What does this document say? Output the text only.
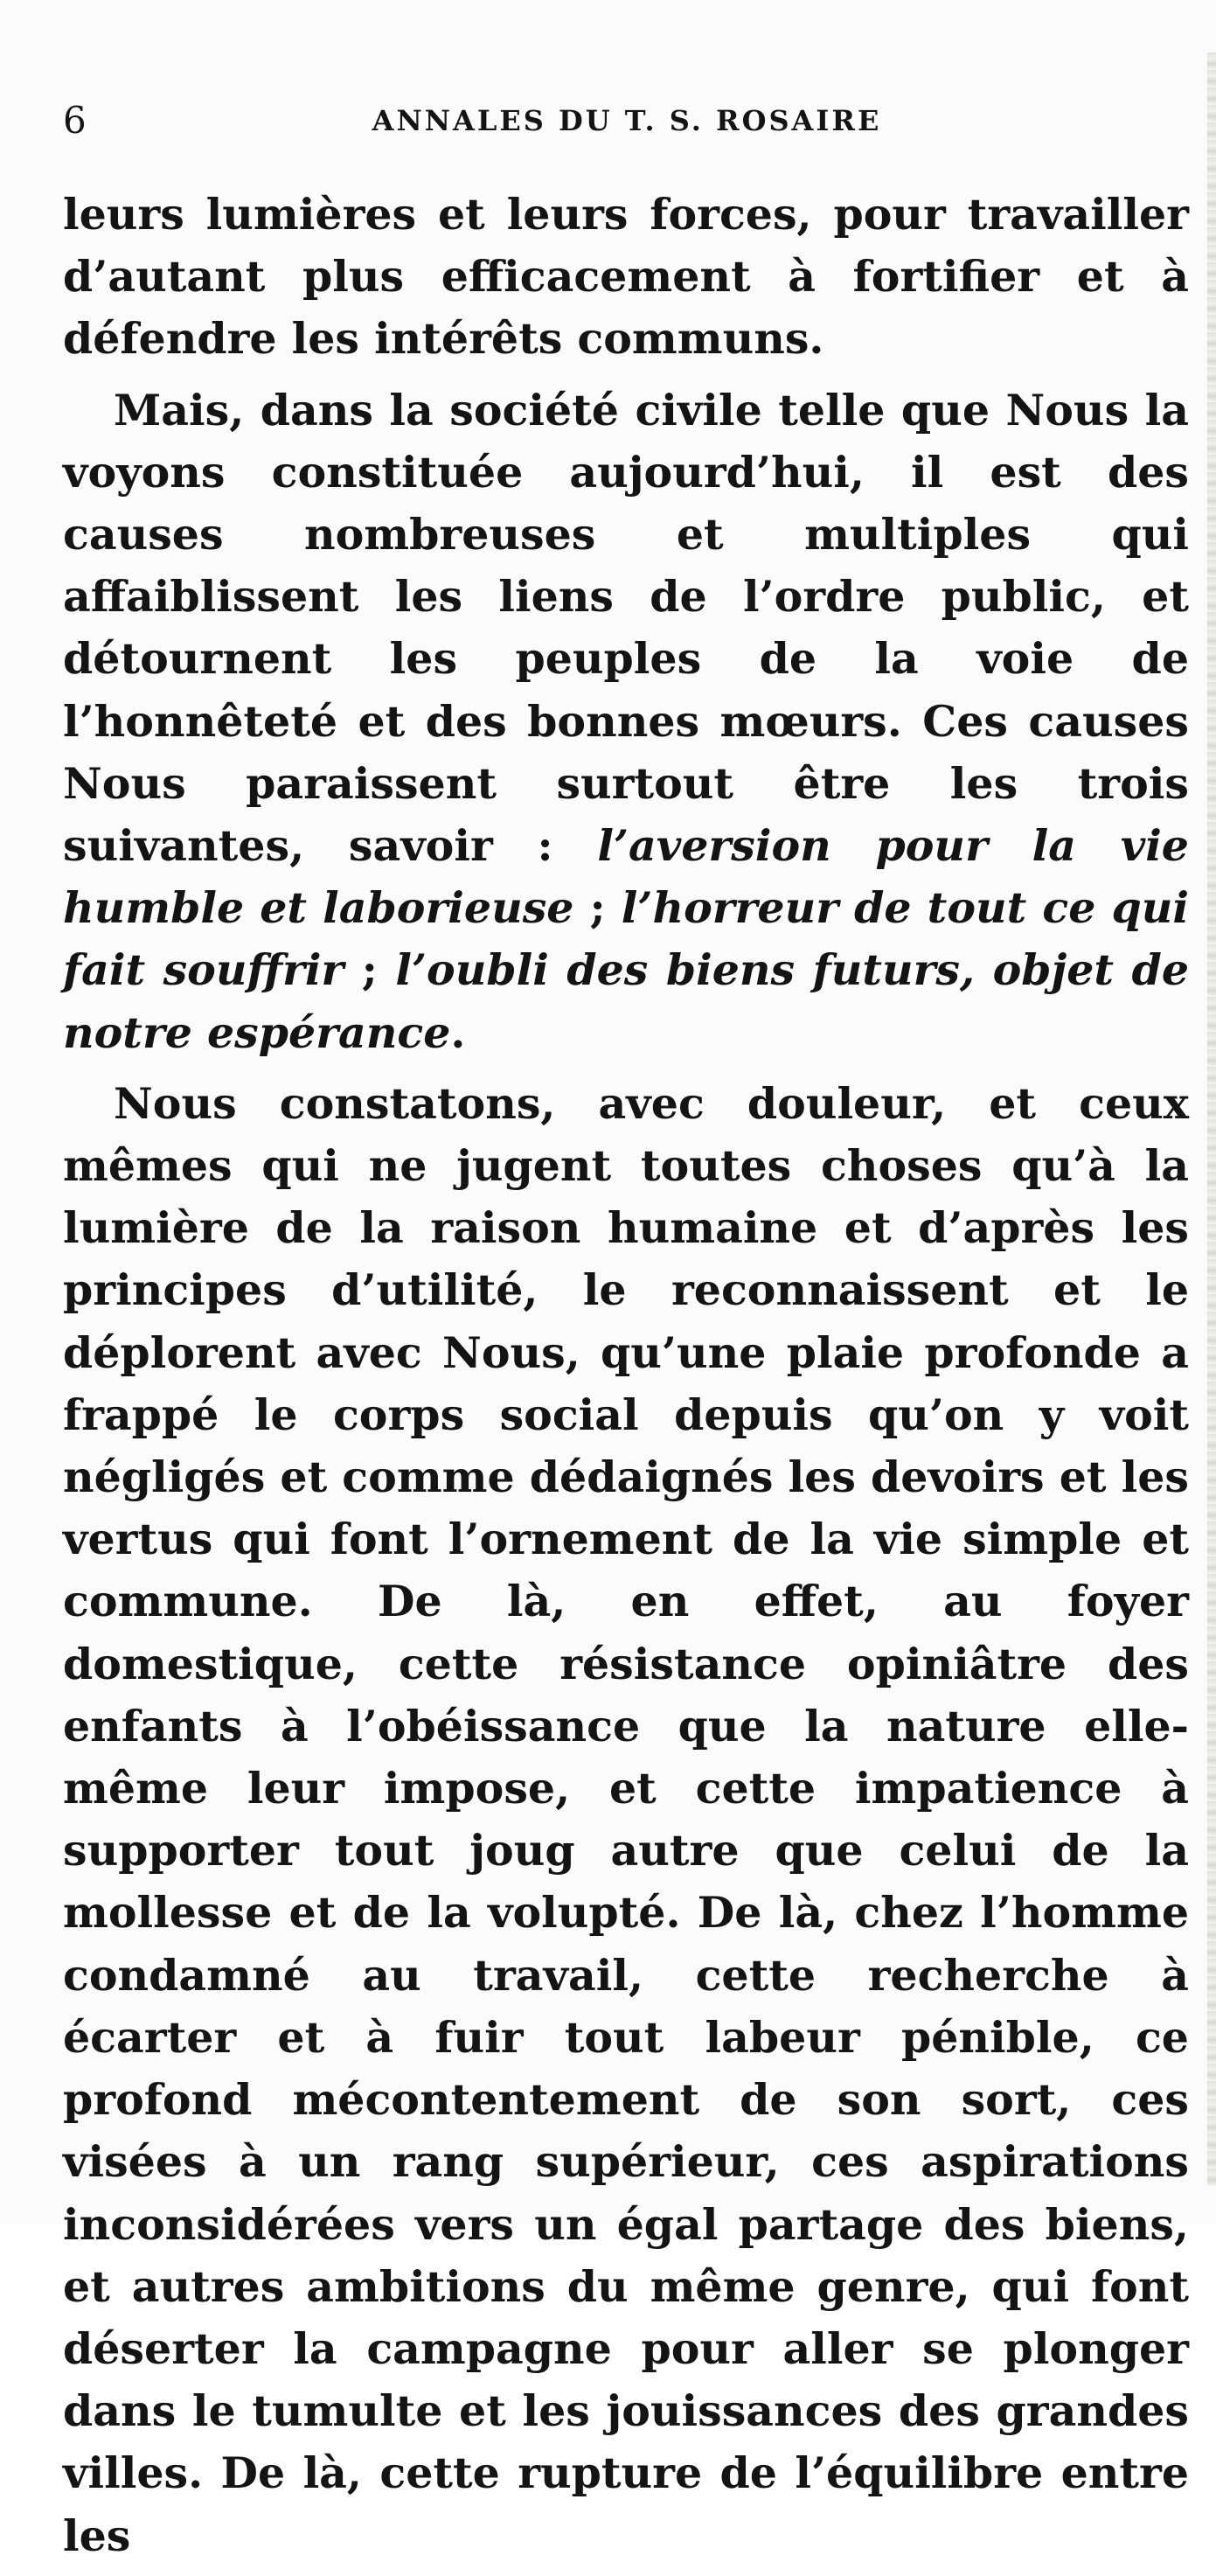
6	ANNALES DU T. S. ROSAIRE

leurs lumières et leurs forces, pour travailler d’autant plus efficacement à fortifier et à défendre les intérêts communs.

Mais, dans la société civile telle que Nous la voyons constituée aujourd’hui, il est des causes nombreuses et multiples qui affaiblissent les liens de l’ordre public, et détournent les peuples de la voie de l’honnêteté et des bonnes mœurs. Ces causes Nous paraissent surtout être les trois suivantes, savoir : l’aversion pour la vie humble et laborieuse ; l’horreur de tout ce qui fait souffrir ; l’oubli des biens futurs, objet de notre espérance.

Nous constatons, avec douleur, et ceux mêmes qui ne jugent toutes choses qu’à la lumière de la raison humaine et d’après les principes d’utilité, le reconnaissent et le déplorent avec Nous, qu’une plaie profonde a frappé le corps social depuis qu’on y voit négligés et comme dédaignés les devoirs et les vertus qui font l’ornement de la vie simple et commune. De là, en effet, au foyer domestique, cette résistance opiniâtre des enfants à l’obéissance que la nature elle-même leur impose, et cette impatience à supporter tout joug autre que celui de la mollesse et de la volupté. De là, chez l’homme condamné au travail, cette recherche à écarter et à fuir tout labeur pénible, ce profond mécontentement de son sort, ces visées à un rang supérieur, ces aspirations inconsidérées vers un égal partage des biens, et autres ambitions du même genre, qui font déserter la campagne pour aller se plonger dans le tumulte et les jouissances des grandes villes. De là, cette rupture de l’équilibre entre les
